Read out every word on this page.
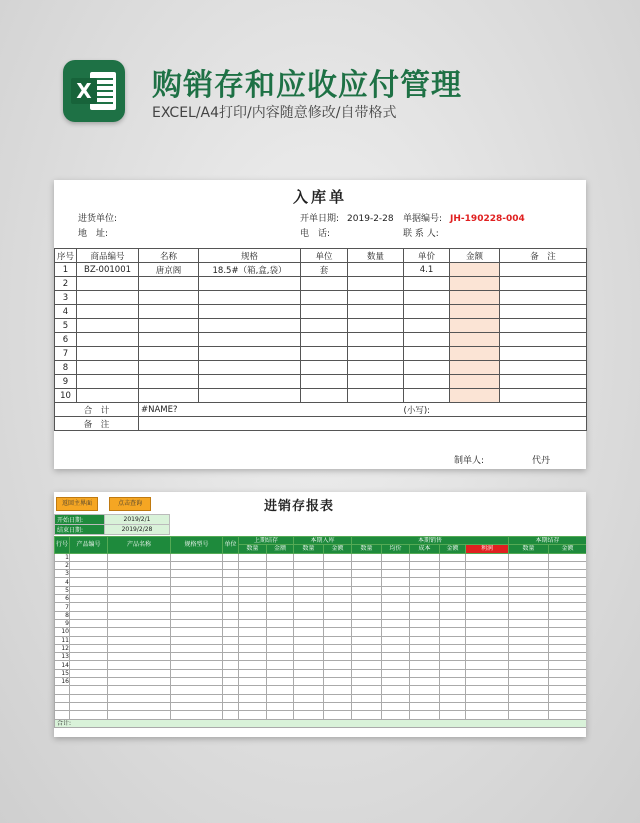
X 购销存和应收应付管理
EXCEL/A4打印/内容随意修改/自带格式
入库单
进货单位:
地　址:
开单日期: 2019-2-28
电　话:
单据编号: JH-190228-004
联 系 人:
序号	商品编号	名称	规格	单位	数量	单价	金额	备　注
1	BZ-001001	唐京阁	18.5#（箱,盒,袋）	套		4.1		
2								
3								
4								
5								
6								
7								
8								
9								
10								
合　计		#NAME?				(小写):		
备　注								
制单人:	代丹
返回主界面	点击查询	进销存报表
开始日期:	2019/2/1
结束日期:	2019/2/28
行号	产品编号	产品名称	规格型号	单位	上期结存		本期入库		本期销售					本期结存	
					数量	金额	数量	金额	数量	均价	成本	金额	利润	数量	金额
1															
2															
3															
4															
5															
6															
7															
8															
9															
10															
11															
12															
13															
14															
15															
16															

合计:															
